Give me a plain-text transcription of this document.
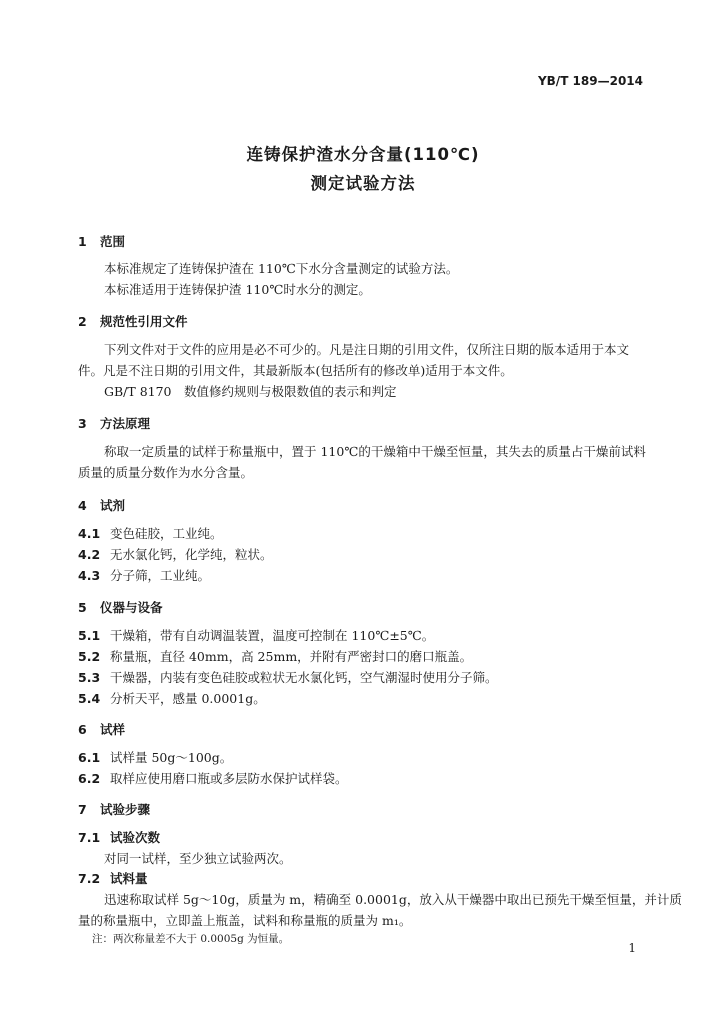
YB/T 189—2014
连铸保护渣水分含量(110℃)
测定试验方法
1 范围
本标准规定了连铸保护渣在 110℃下水分含量测定的试验方法。
本标准适用于连铸保护渣 110℃时水分的测定。
2 规范性引用文件
下列文件对于文件的应用是必不可少的。凡是注日期的引用文件，仅所注日期的版本适用于本文
件。凡是不注日期的引用文件，其最新版本(包括所有的修改单)适用于本文件。
GB/T 8170　数值修约规则与极限数值的表示和判定
3 方法原理
称取一定质量的试样于称量瓶中，置于 110℃的干燥箱中干燥至恒量，其失去的质量占干燥前试料
质量的质量分数作为水分含量。
4 试剂
4.1 变色硅胶，工业纯。
4.2 无水氯化钙，化学纯，粒状。
4.3 分子筛，工业纯。
5 仪器与设备
5.1 干燥箱，带有自动调温装置，温度可控制在 110℃±5℃。
5.2 称量瓶，直径 40mm，高 25mm，并附有严密封口的磨口瓶盖。
5.3 干燥器，内装有变色硅胶或粒状无水氯化钙，空气潮湿时使用分子筛。
5.4 分析天平，感量 0.0001g。
6 试样
6.1 试样量 50g～100g。
6.2 取样应使用磨口瓶或多层防水保护试样袋。
7 试验步骤
7.1 试验次数
对同一试样，至少独立试验两次。
7.2 试料量
迅速称取试样 5g～10g，质量为 m，精确至 0.0001g，放入从干燥器中取出已预先干燥至恒量，并计质
量的称量瓶中，立即盖上瓶盖，试料和称量瓶的质量为 m₁。
注：两次称量差不大于 0.0005g 为恒量。
1
